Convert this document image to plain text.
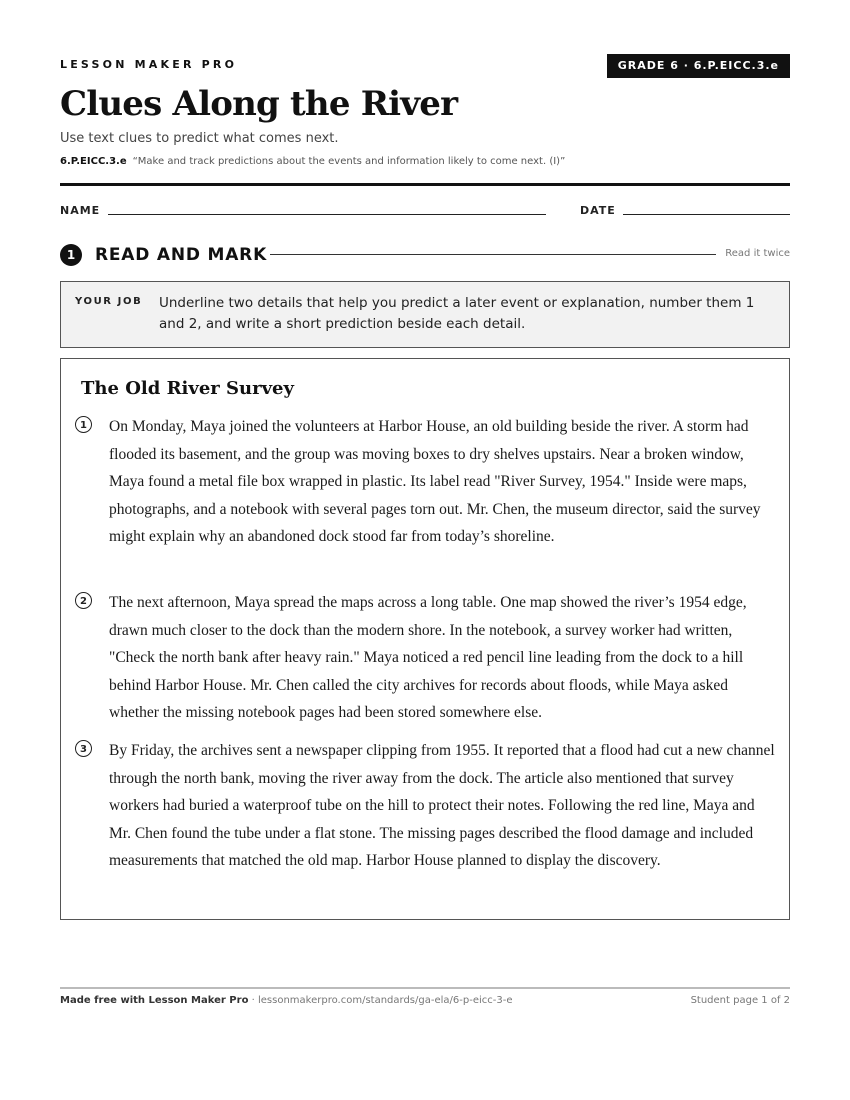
LESSON MAKER PRO	GRADE 6 · 6.P.EICC.3.e
Clues Along the River
Use text clues to predict what comes next.
6.P.EICC.3.e “Make and track predictions about the events and information likely to come next. (I)”
NAME	DATE
1	READ AND MARK	Read it twice
YOUR JOB Underline two details that help you predict a later event or explanation, number them 1 and 2, and write a short prediction beside each detail.
The Old River Survey
1	On Monday, Maya joined the volunteers at Harbor House, an old building beside the river. A storm had flooded its basement, and the group was moving boxes to dry shelves upstairs. Near a broken window, Maya found a metal file box wrapped in plastic. Its label read "River Survey, 1954." Inside were maps, photographs, and a notebook with several pages torn out. Mr. Chen, the museum director, said the survey might explain why an abandoned dock stood far from today’s shoreline.
2	The next afternoon, Maya spread the maps across a long table. One map showed the river’s 1954 edge, drawn much closer to the dock than the modern shore. In the notebook, a survey worker had written, "Check the north bank after heavy rain." Maya noticed a red pencil line leading from the dock to a hill behind Harbor House. Mr. Chen called the city archives for records about floods, while Maya asked whether the missing notebook pages had been stored somewhere else.
3	By Friday, the archives sent a newspaper clipping from 1955. It reported that a flood had cut a new channel through the north bank, moving the river away from the dock. The article also mentioned that survey workers had buried a waterproof tube on the hill to protect their notes. Following the red line, Maya and Mr. Chen found the tube under a flat stone. The missing pages described the flood damage and included measurements that matched the old map. Harbor House planned to display the discovery.
Made free with Lesson Maker Pro · lessonmakerpro.com/standards/ga-ela/6-p-eicc-3-e	Student page 1 of 2
